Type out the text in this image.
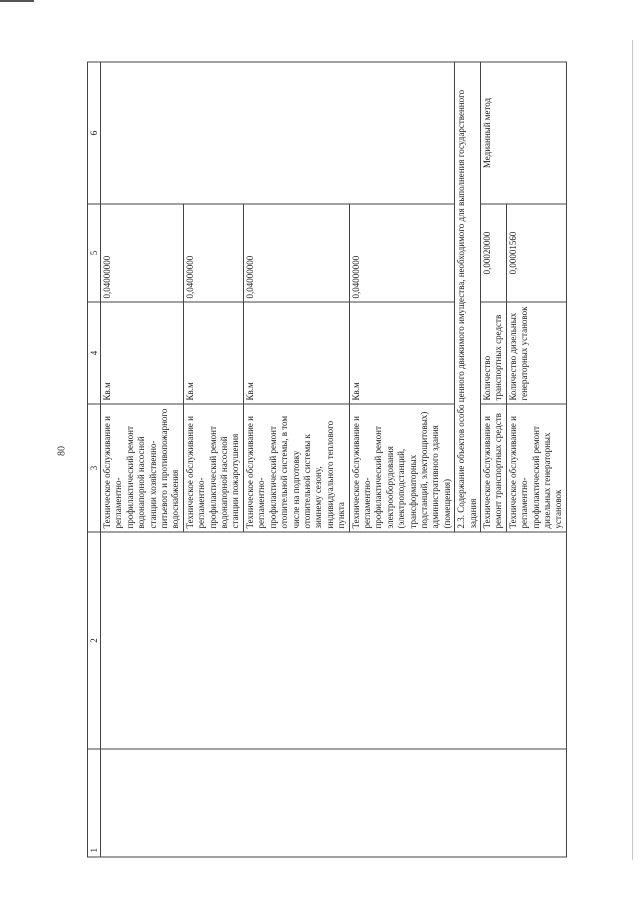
80
1	2	3	4	5	6
		Техническое обслуживание и регламентно-профилактический ремонт водонапорной насосной станции хозяйственно-питьевого и противопожарного водоснабжения	Кв.м	0,04000000	
		Техническое обслуживание и регламентно-профилактический ремонт водонапорной насосной станции пожаротушения	Кв.м	0,04000000	
		Техническое обслуживание и регламентно-профилактический ремонт отопительной системы, в том числе на подготовку отопительной системы к зимнему сезону, индивидуального теплового пункта	Кв.м	0,04000000	
		Техническое обслуживание и регламентно-профилактический ремонт электрооборудования (электроподстанций, трансформаторных подстанций, электрощитовых) административного здания (помещения)	Кв.м	0,04000000	
		2.3. Содержание объектов особо ценного движимого имущества, необходимого для выполнения государственного задания			
		Техническое обслуживание и ремонт транспортных средств	Количество транспортных средств	0,00020000	Медианный метод
		Техническое обслуживание и регламентно-профилактический ремонт дизельных генераторных установок	Количество дизельных генераторных установок	0,00001560	
